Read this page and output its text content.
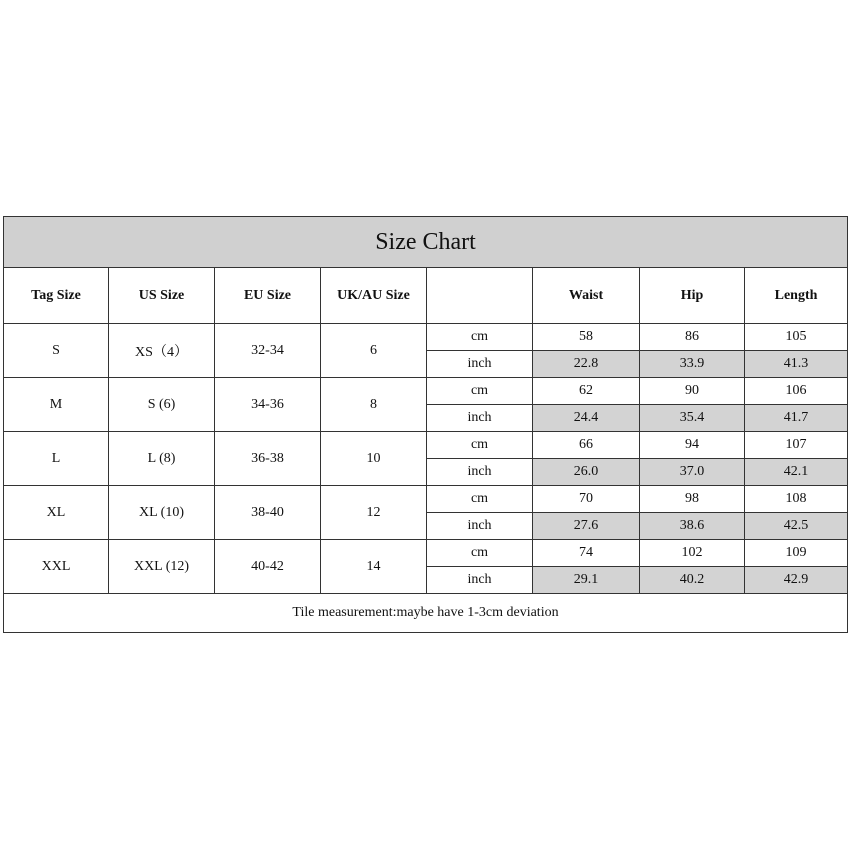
Size Chart							
Tag Size	US Size	EU Size	UK/AU Size		Waist	Hip	Length
S	XS（4）	32-34	6	cm	58	86	105
				inch	22.8	33.9	41.3
M	S (6)	34-36	8	cm	62	90	106
				inch	24.4	35.4	41.7
L	L (8)	36-38	10	cm	66	94	107
				inch	26.0	37.0	42.1
XL	XL (10)	38-40	12	cm	70	98	108
				inch	27.6	38.6	42.5
XXL	XXL (12)	40-42	14	cm	74	102	109
				inch	29.1	40.2	42.9
Tile measurement:maybe have 1-3cm deviation							
